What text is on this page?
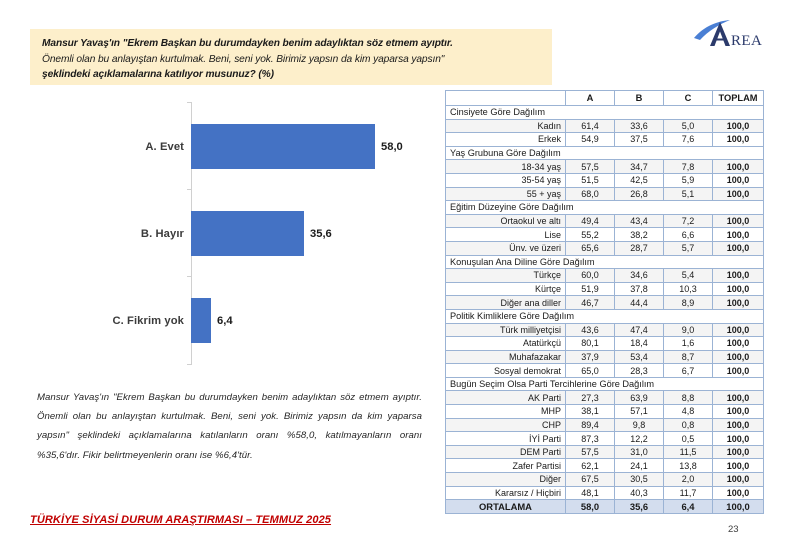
REA

Mansur Yavaş'ın "Ekrem Başkan bu durumdayken benim adaylıktan söz etmem ayıptır.

Önemli olan bu anlayıştan kurtulmak. Beni, seni yok. Birimiz yapsın da kim yaparsa yapsın"

şeklindeki açıklamalarına katılıyor musunuz? (%)

A. Evet	58,0
B. Hayır	35,6
C. Fikrim yok	6,4
Mansur Yavaş'ın "Ekrem Başkan bu durumdayken benim adaylıktan söz etmem ayıptır. Önemli olan bu anlayıştan kurtulmak. Beni, seni yok. Birimiz yapsın da kim yaparsa yapsın" şeklindeki açıklamalarına katılanların oranı %58,0, katılmayanların oranı %35,6'dır. Fikir belirtmeyenlerin oranı ise %6,4'tür.
	A	B	C	TOPLAM
Cinsiyete Göre Dağılım				
Kadın	61,4	33,6	5,0	100,0
Erkek	54,9	37,5	7,6	100,0
Yaş Grubuna Göre Dağılım				
18-34 yaş	57,5	34,7	7,8	100,0
35-54 yaş	51,5	42,5	5,9	100,0
55 + yaş	68,0	26,8	5,1	100,0
Eğitim Düzeyine Göre Dağılım				
Ortaokul ve altı	49,4	43,4	7,2	100,0
Lise	55,2	38,2	6,6	100,0
Ünv. ve üzeri	65,6	28,7	5,7	100,0
Konuşulan Ana Diline Göre Dağılım				
Türkçe	60,0	34,6	5,4	100,0
Kürtçe	51,9	37,8	10,3	100,0
Diğer ana diller	46,7	44,4	8,9	100,0
Politik Kimliklere Göre Dağılım				
Türk milliyetçisi	43,6	47,4	9,0	100,0
Atatürkçü	80,1	18,4	1,6	100,0
Muhafazakar	37,9	53,4	8,7	100,0
Sosyal demokrat	65,0	28,3	6,7	100,0
Bugün Seçim Olsa Parti Tercihlerine Göre Dağılım				
AK Parti	27,3	63,9	8,8	100,0
MHP	38,1	57,1	4,8	100,0
CHP	89,4	9,8	0,8	100,0
İYİ Parti	87,3	12,2	0,5	100,0
DEM Parti	57,5	31,0	11,5	100,0
Zafer Partisi	62,1	24,1	13,8	100,0
Diğer	67,5	30,5	2,0	100,0
Kararsız / Hiçbiri	48,1	40,3	11,7	100,0
ORTALAMA	58,0	35,6	6,4	100,0
TÜRKİYE SİYASİ DURUM ARAŞTIRMASI – TEMMUZ 2025
23
